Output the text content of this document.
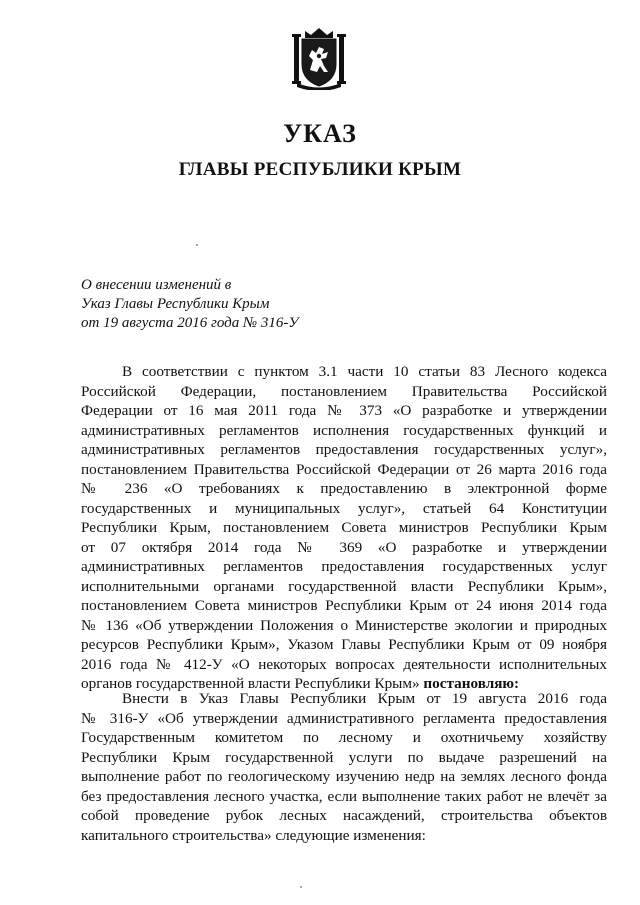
УКАЗ
ГЛАВЫ РЕСПУБЛИКИ КРЫМ
О внесении изменений в
Указ Главы Республики Крым
от 19 августа 2016 года № 316-У
В соответствии с пунктом 3.1 части 10 статьи 83 Лесного кодекса
Российской Федерации, постановлением Правительства Российской
Федерации от 16 мая 2011 года № 373 «О разработке и утверждении
административных регламентов исполнения государственных функций и
административных регламентов предоставления государственных услуг»,
постановлением Правительства Российской Федерации от 26 марта 2016 года
№ 236 «О требованиях к предоставлению в электронной форме
государственных и муниципальных услуг», статьей 64 Конституции
Республики Крым, постановлением Совета министров Республики Крым
от 07 октября 2014 года № 369 «О разработке и утверждении
административных регламентов предоставления государственных услуг
исполнительными органами государственной власти Республики Крым»,
постановлением Совета министров Республики Крым от 24 июня 2014 года
№ 136 «Об утверждении Положения о Министерстве экологии и природных
ресурсов Республики Крым», Указом Главы Республики Крым от 09 ноября
2016 года № 412-У «О некоторых вопросах деятельности исполнительных
органов государственной власти Республики Крым» постановляю:
Внести в Указ Главы Республики Крым от 19 августа 2016 года
№ 316-У «Об утверждении административного регламента предоставления
Государственным комитетом по лесному и охотничьему хозяйству
Республики Крым государственной услуги по выдаче разрешений на
выполнение работ по геологическому изучению недр на землях лесного фонда
без предоставления лесного участка, если выполнение таких работ не влечёт за
собой проведение рубок лесных насаждений, строительства объектов
капитального строительства» следующие изменения:
